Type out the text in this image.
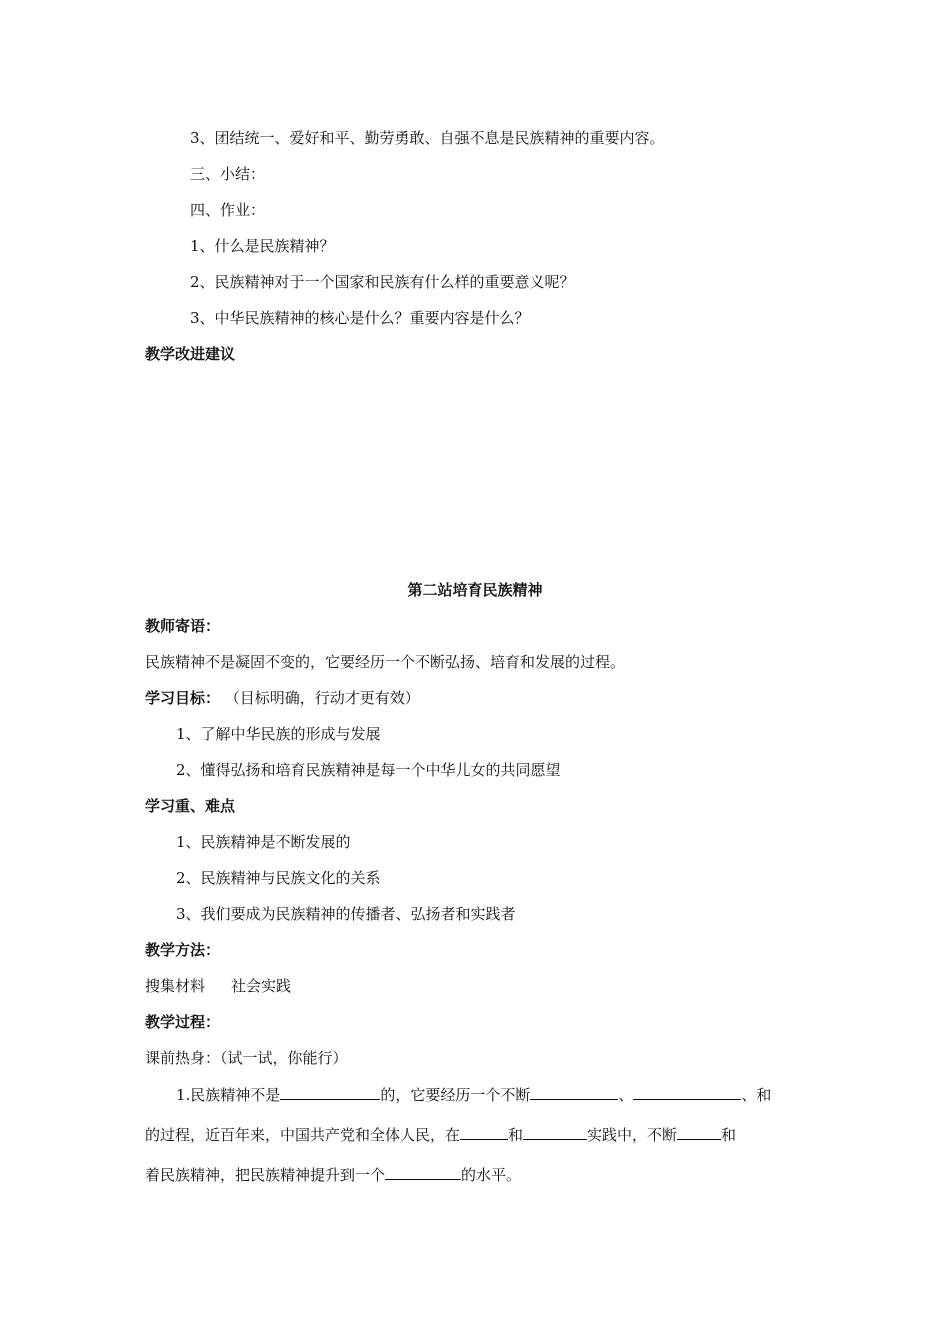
3、团结统一、爱好和平、勤劳勇敢、自强不息是民族精神的重要内容。
三、小结：
四、作业：
1、什么是民族精神？
2、民族精神对于一个国家和民族有什么样的重要意义呢？
3、中华民族精神的核心是什么？重要内容是什么？
教学改进建议
第二站培育民族精神
教师寄语：
民族精神不是凝固不变的，它要经历一个不断弘扬、培育和发展的过程。
学习目标： （目标明确，行动才更有效）
1、了解中华民族的形成与发展
2、懂得弘扬和培育民族精神是每一个中华儿女的共同愿望
学习重、难点
1、民族精神是不断发展的
2、民族精神与民族文化的关系
3、我们要成为民族精神的传播者、弘扬者和实践者
教学方法：
搜集材料 社会实践
教学过程：
课前热身：（试一试，你能行）
1.民族精神不是	的，它要经历一个不断	、	、和
的过程，近百年来，中国共产党和全体人民，在	和	实践中，不断	和
着民族精神，把民族精神提升到一个	的水平。
